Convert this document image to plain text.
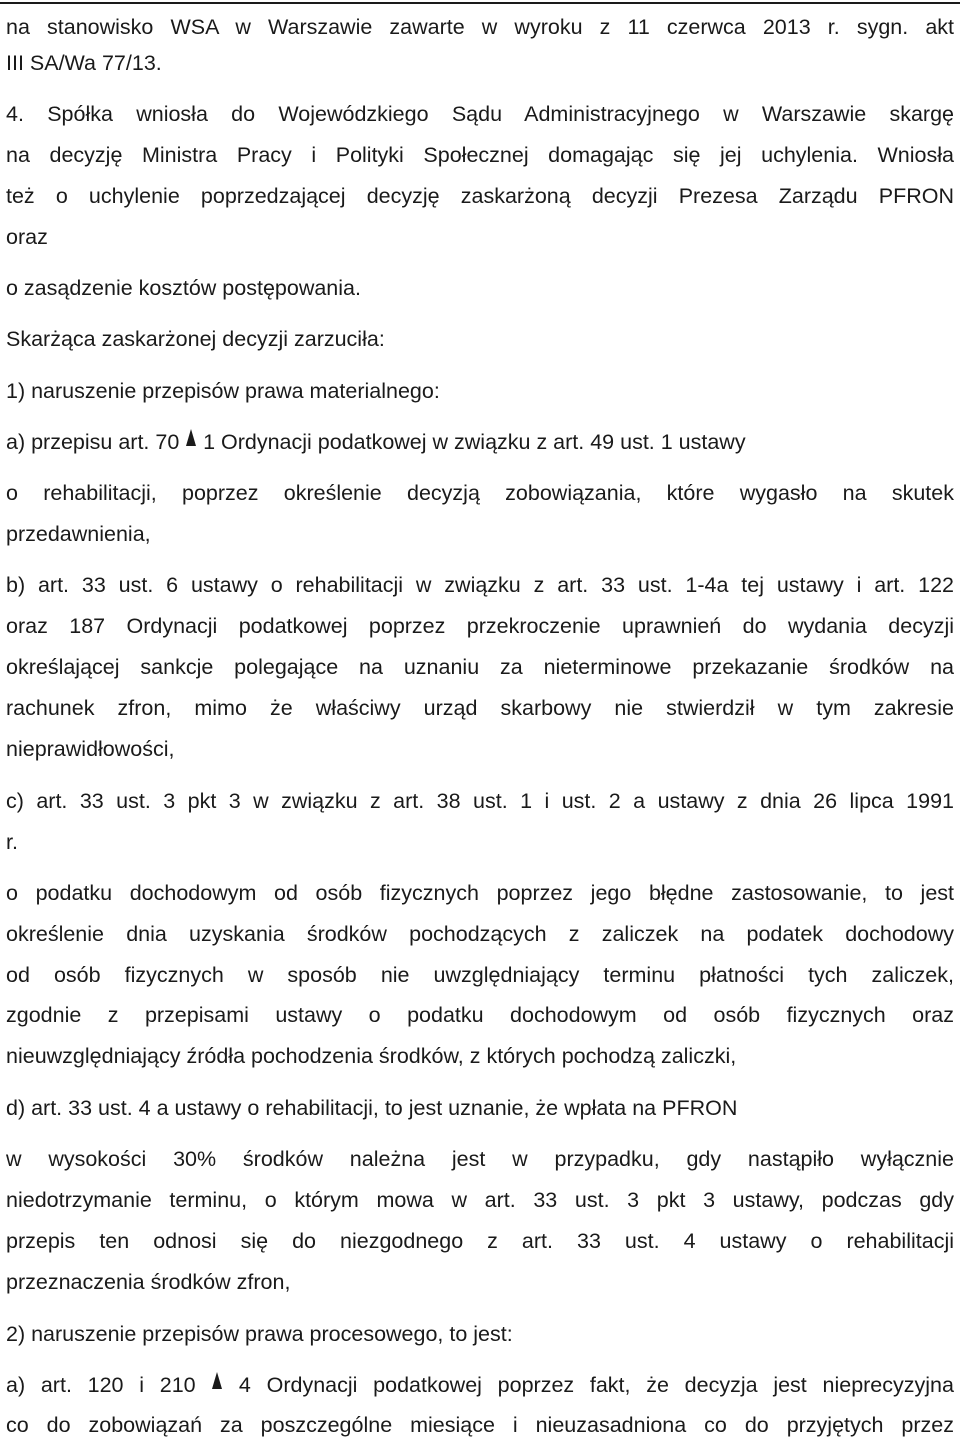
na stanowisko WSA w Warszawie zawarte w wyroku z 11 czerwca 2013 r. sygn. akt
III SA/Wa 77/13.
4. Spółka wniosła do Wojewódzkiego Sądu Administracyjnego w Warszawie skargę
na decyzję Ministra Pracy i Polityki Społecznej domagając się jej uchylenia. Wniosła
też o uchylenie poprzedzającej decyzję zaskarżoną decyzji Prezesa Zarządu PFRON
oraz
o zasądzenie kosztów postępowania.
Skarżąca zaskarżonej decyzji zarzuciła:
1) naruszenie przepisów prawa materialnego:
a) przepisu art. 70 1 Ordynacji podatkowej w związku z art. 49 ust. 1 ustawy
o rehabilitacji, poprzez określenie decyzją zobowiązania, które wygasło na skutek
przedawnienia,
b) art. 33 ust. 6 ustawy o rehabilitacji w związku z art. 33 ust. 1-4a tej ustawy i art. 122
oraz 187 Ordynacji podatkowej poprzez przekroczenie uprawnień do wydania decyzji
określającej sankcje polegające na uznaniu za nieterminowe przekazanie środków na
rachunek zfron, mimo że właściwy urząd skarbowy nie stwierdził w tym zakresie
nieprawidłowości,
c) art. 33 ust. 3 pkt 3 w związku z art. 38 ust. 1 i ust. 2 a ustawy z dnia 26 lipca 1991
r.
o podatku dochodowym od osób fizycznych poprzez jego błędne zastosowanie, to jest
określenie dnia uzyskania środków pochodzących z zaliczek na podatek dochodowy
od osób fizycznych w sposób nie uwzględniający terminu płatności tych zaliczek,
zgodnie z przepisami ustawy o podatku dochodowym od osób fizycznych oraz
nieuwzględniający źródła pochodzenia środków, z których pochodzą zaliczki,
d) art. 33 ust. 4 a ustawy o rehabilitacji, to jest uznanie, że wpłata na PFRON
w wysokości 30% środków należna jest w przypadku, gdy nastąpiło wyłącznie
niedotrzymanie terminu, o którym mowa w art. 33 ust. 3 pkt 3 ustawy, podczas gdy
przepis ten odnosi się do niezgodnego z art. 33 ust. 4 ustawy o rehabilitacji
przeznaczenia środków zfron,
2) naruszenie przepisów prawa procesowego, to jest:
a) art. 120 i 210 4 Ordynacji podatkowej poprzez fakt, że decyzja jest nieprecyzyjna
co do zobowiązań za poszczególne miesiące i nieuzasadniona co do przyjętych przez
